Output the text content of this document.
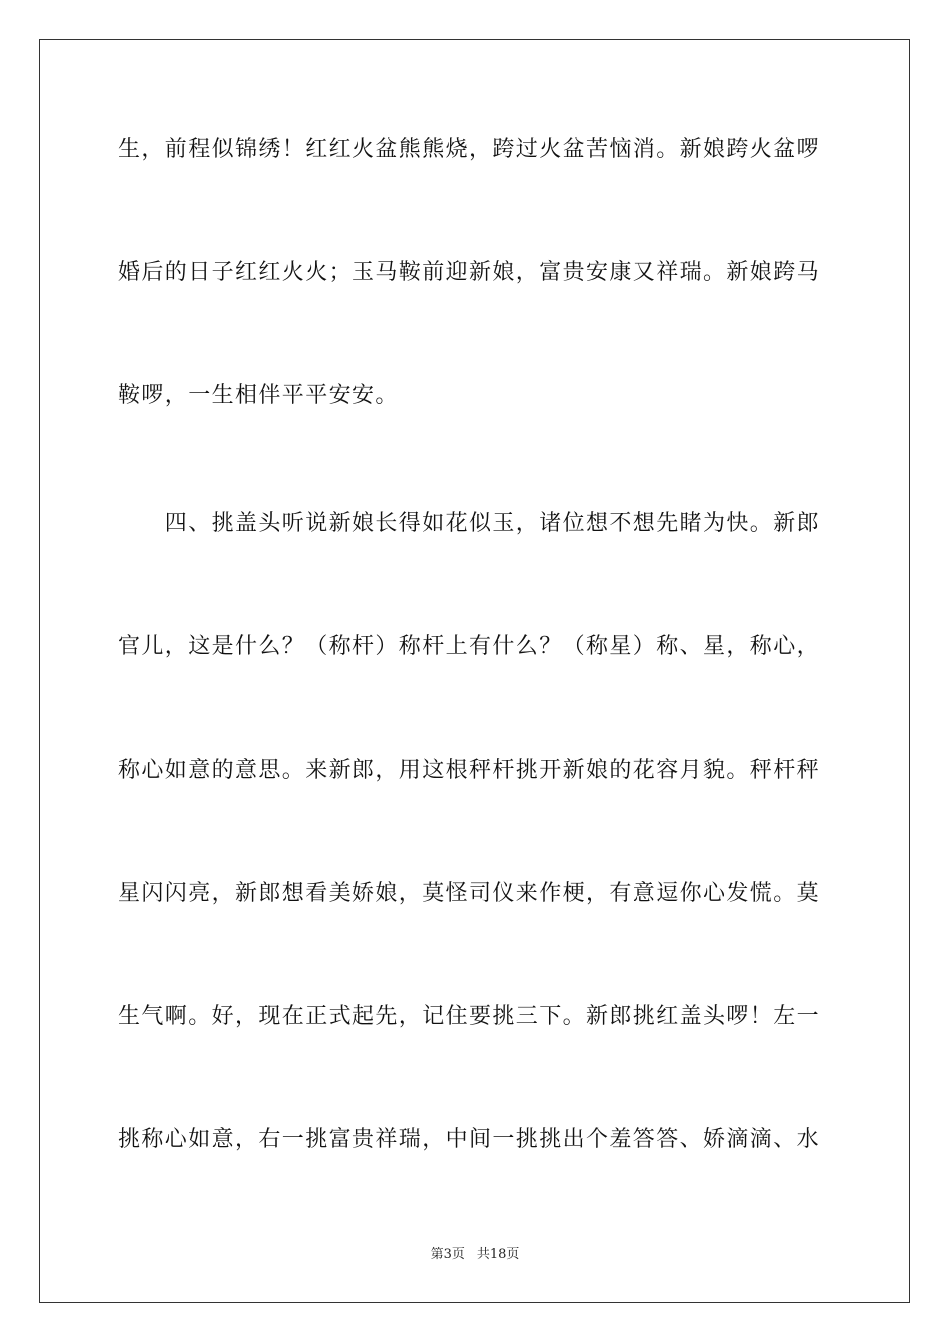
生，前程似锦绣！红红火盆熊熊烧，跨过火盆苦恼消。新娘跨火盆啰
婚后的日子红红火火；玉马鞍前迎新娘，富贵安康又祥瑞。新娘跨马
鞍啰，一生相伴平平安安。
　　四、挑盖头听说新娘长得如花似玉，诸位想不想先睹为快。新郎
官儿，这是什么？（称杆）称杆上有什么？（称星）称、星，称心，
称心如意的意思。来新郎，用这根秤杆挑开新娘的花容月貌。秤杆秤
星闪闪亮，新郎想看美娇娘，莫怪司仪来作梗，有意逗你心发慌。莫
生气啊。好，现在正式起先，记住要挑三下。新郎挑红盖头啰！左一
挑称心如意，右一挑富贵祥瑞，中间一挑挑出个羞答答、娇滴滴、水
第3页 共18页
